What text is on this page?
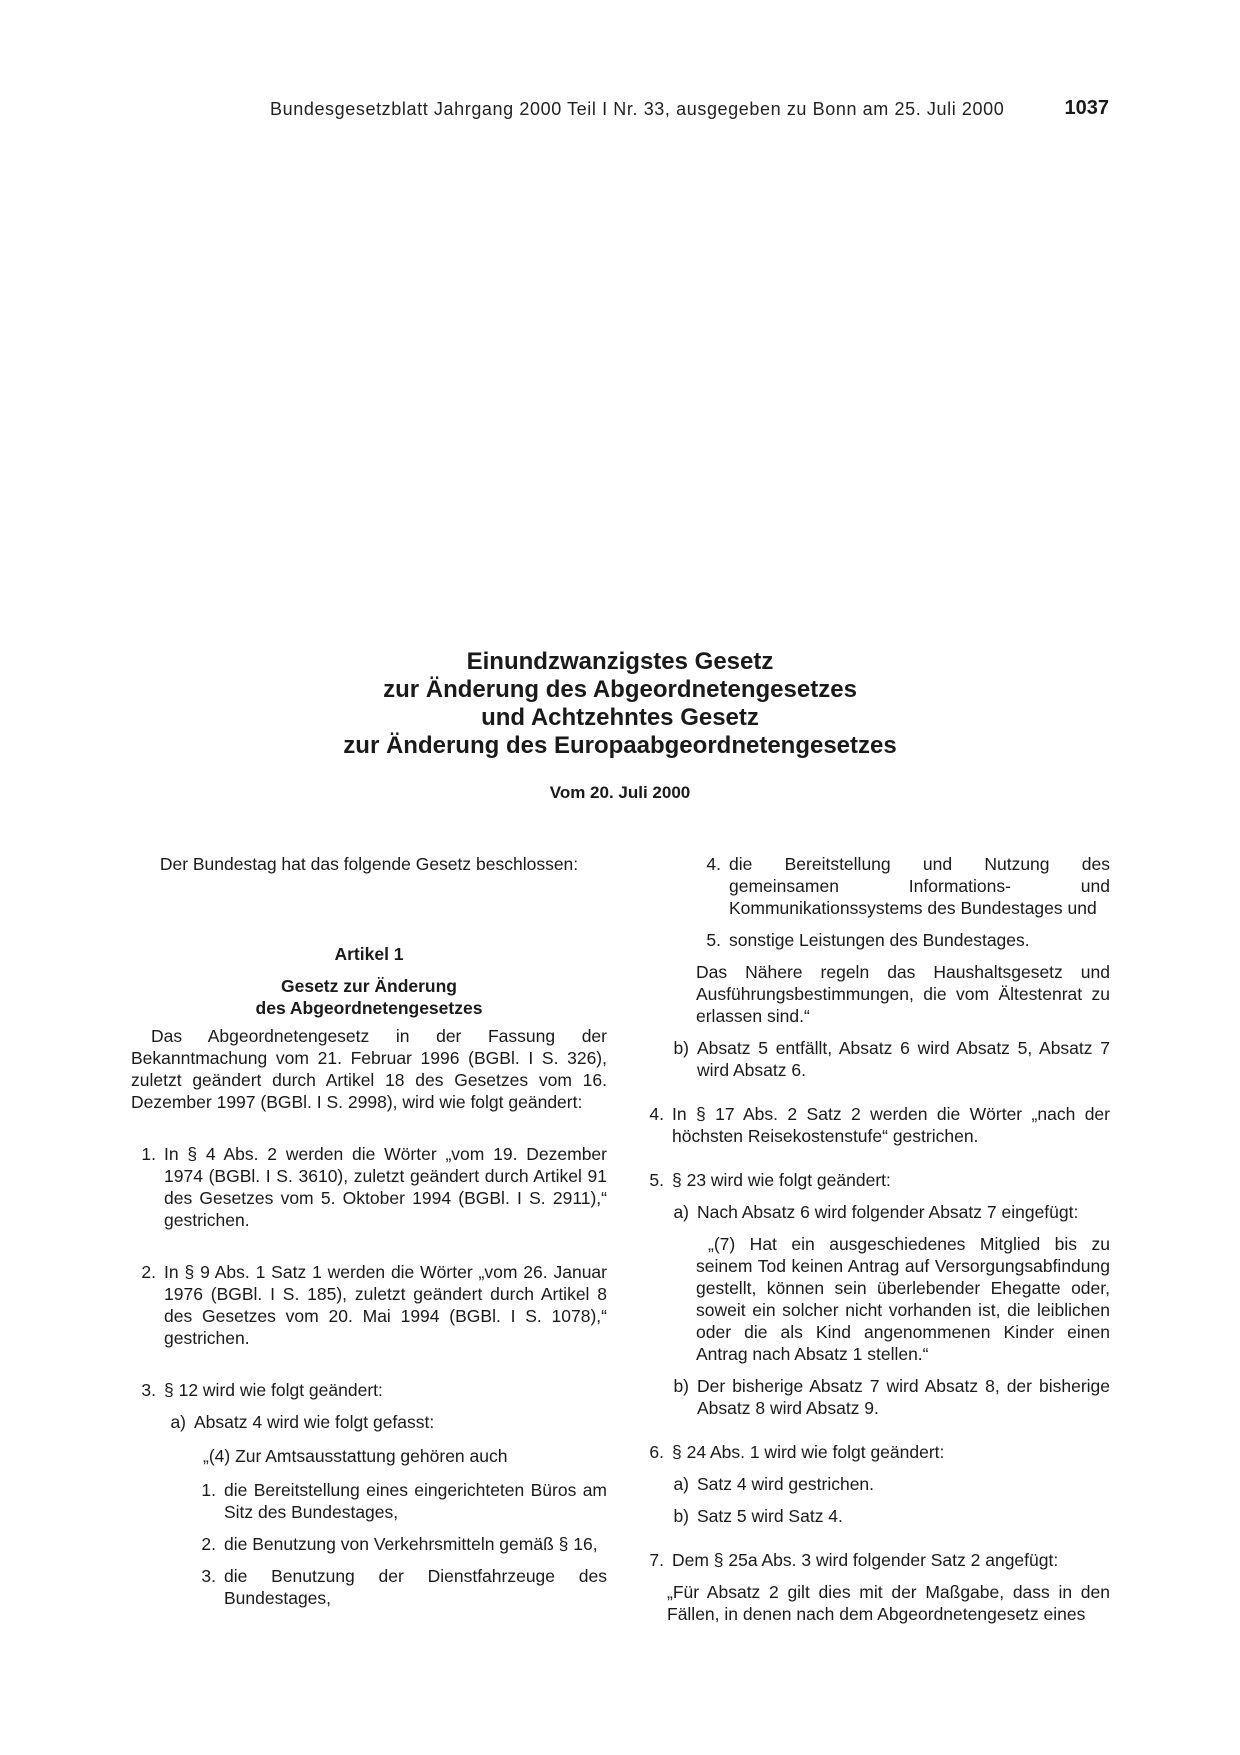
Bundesgesetzblatt Jahrgang 2000 Teil I Nr. 33, ausgegeben zu Bonn am 25. Juli 2000	1037
Einundzwanzigstes Gesetz
zur Änderung des Abgeordnetengesetzes
und Achtzehntes Gesetz
zur Änderung des Europaabgeordnetengesetzes
Vom 20. Juli 2000

Der Bundestag hat das folgende Gesetz beschlossen:

Artikel 1

Gesetz zur Änderung

des Abgeordnetengesetzes

Das Abgeordnetengesetz in der Fassung der Bekanntmachung vom 21. Februar 1996 (BGBl. I S. 326), zuletzt geändert durch Artikel 18 des Gesetzes vom 16. Dezember 1997 (BGBl. I S. 2998), wird wie folgt geändert:

1. In § 4 Abs. 2 werden die Wörter „vom 19. Dezember 1974 (BGBl. I S. 3610), zuletzt geändert durch Artikel 91 des Gesetzes vom 5. Oktober 1994 (BGBl. I S. 2911),“ gestrichen.
2. In § 9 Abs. 1 Satz 1 werden die Wörter „vom 26. Januar 1976 (BGBl. I S. 185), zuletzt geändert durch Artikel 8 des Gesetzes vom 20. Mai 1994 (BGBl. I S. 1078),“ gestrichen.
3. § 12 wird wie folgt geändert:
a) Absatz 4 wird wie folgt gefasst:

„(4) Zur Amtsausstattung gehören auch

1. die Bereitstellung eines eingerichteten Büros am Sitz des Bundestages,
2. die Benutzung von Verkehrsmitteln gemäß § 16,
3. die Benutzung der Dienstfahrzeuge des Bundestages,
4. die Bereitstellung und Nutzung des gemeinsamen Informations- und Kommunikationssystems des Bundestages und
5. sonstige Leistungen des Bundestages.

Das Nähere regeln das Haushaltsgesetz und Ausführungsbestimmungen, die vom Ältestenrat zu erlassen sind.“

b) Absatz 5 entfällt, Absatz 6 wird Absatz 5, Absatz 7 wird Absatz 6.
4. In § 17 Abs. 2 Satz 2 werden die Wörter „nach der höchsten Reisekostenstufe“ gestrichen.
5. § 23 wird wie folgt geändert:
a) Nach Absatz 6 wird folgender Absatz 7 eingefügt:

„(7) Hat ein ausgeschiedenes Mitglied bis zu seinem Tod keinen Antrag auf Versorgungsabfindung gestellt, können sein überlebender Ehegatte oder, soweit ein solcher nicht vorhanden ist, die leiblichen oder die als Kind angenommenen Kinder einen Antrag nach Absatz 1 stellen.“

b) Der bisherige Absatz 7 wird Absatz 8, der bisherige Absatz 8 wird Absatz 9.
6. § 24 Abs. 1 wird wie folgt geändert:
a) Satz 4 wird gestrichen.
b) Satz 5 wird Satz 4.
7. Dem § 25a Abs. 3 wird folgender Satz 2 angefügt:

„Für Absatz 2 gilt dies mit der Maßgabe, dass in den Fällen, in denen nach dem Abgeordnetengesetz eines
